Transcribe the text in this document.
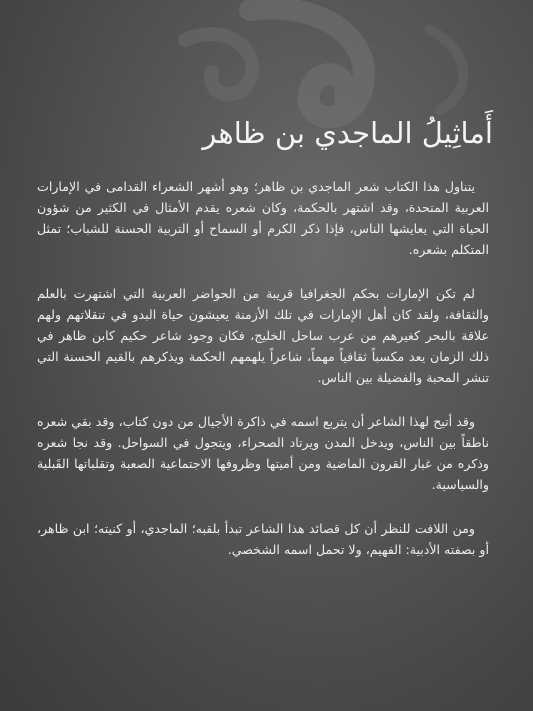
أَماثِيلُ الماجدي بن ظاهر

يتناول هذا الكتاب شعر الماجدي بن ظاهر؛ وهو أشهر الشعراء القدامى في الإمارات العربية المتحدة، وقد اشتهر بالحكمة، وكان شعره يقدم الأمثال في الكثير من شؤون الحياة التي يعايشها الناس، فإذا ذكر الكرم أو السماح أو التربية الحسنة للشباب؛ تمثل المتكلم بشعره.

لم تكن الإمارات بحكم الجغرافيا قريبة من الحواضر العربية التي اشتهرت بالعلم والثقافة، ولقد كان أهل الإمارات في تلك الأزمنة يعيشون حياة البدو في تنقلاتهم ولهم علاقة بالبحر كغيرهم من عرب ساحل الخليج، فكان وجود شاعر حكيم كابن ظاهر في ذلك الزمان يعد مكسباً ثقافياً مهماً، شاعراً يلهمهم الحكمة ويذكرهم بالقيم الحسنة التي تنشر المحبة والفضيلة بين الناس.

وقد أتيح لهذا الشاعر أن يتربع اسمه في ذاكرة الأجيال من دون كتاب، وقد بقي شعره ناطقاً بين الناس، ويدخل المدن ويرتاد الصحراء، ويتجول في السواحل. وقد نجا شعره وذكره من غبار القرون الماضية ومن أميتها وظروفها الاجتماعية الصعبة وتقلباتها القَبلية والسياسية.

ومن اللافت للنظر أن كل قصائد هذا الشاعر تبدأ بلقبه؛ الماجدي، أو كنيته؛ ابن ظاهر، أو بصفته الأدبية: الفهيم، ولا تحمل اسمه الشخصي.
